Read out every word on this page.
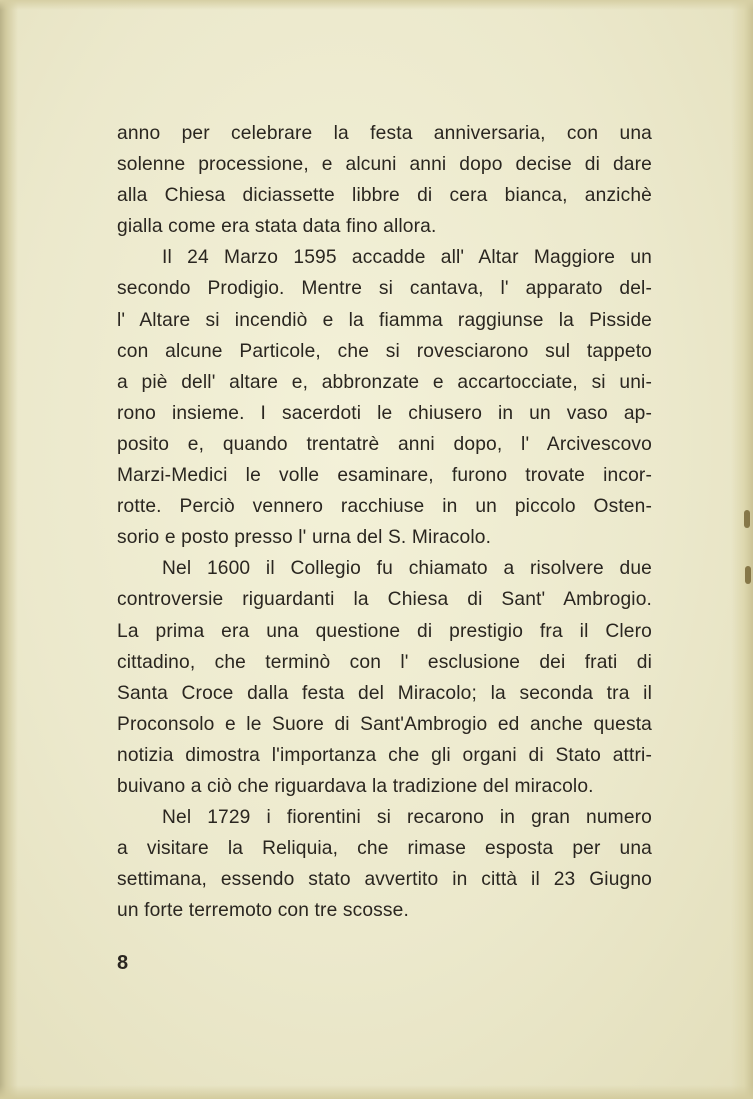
anno per celebrare la festa anniversaria, con una
solenne processione, e alcuni anni dopo decise di dare
alla Chiesa diciassette libbre di cera bianca, anzichè
gialla come era stata data fino allora.
Il 24 Marzo 1595 accadde all' Altar Maggiore un
secondo Prodigio. Mentre si cantava, l' apparato del-
l' Altare si incendiò e la fiamma raggiunse la Pisside
con alcune Particole, che si rovesciarono sul tappeto
a piè dell' altare e, abbronzate e accartocciate, si uni-
rono insieme. I sacerdoti le chiusero in un vaso ap-
posito e, quando trentatrè anni dopo, l' Arcivescovo
Marzi-Medici le volle esaminare, furono trovate incor-
rotte. Perciò vennero racchiuse in un piccolo Osten-
sorio e posto presso l' urna del S. Miracolo.
Nel 1600 il Collegio fu chiamato a risolvere due
controversie riguardanti la Chiesa di Sant' Ambrogio.
La prima era una questione di prestigio fra il Clero
cittadino, che terminò con l' esclusione dei frati di
Santa Croce dalla festa del Miracolo; la seconda tra il
Proconsolo e le Suore di Sant'Ambrogio ed anche questa
notizia dimostra l'importanza che gli organi di Stato attri-
buivano a ciò che riguardava la tradizione del miracolo.
Nel 1729 i fiorentini si recarono in gran numero
a visitare la Reliquia, che rimase esposta per una
settimana, essendo stato avvertito in città il 23 Giugno
un forte terremoto con tre scosse.
8
